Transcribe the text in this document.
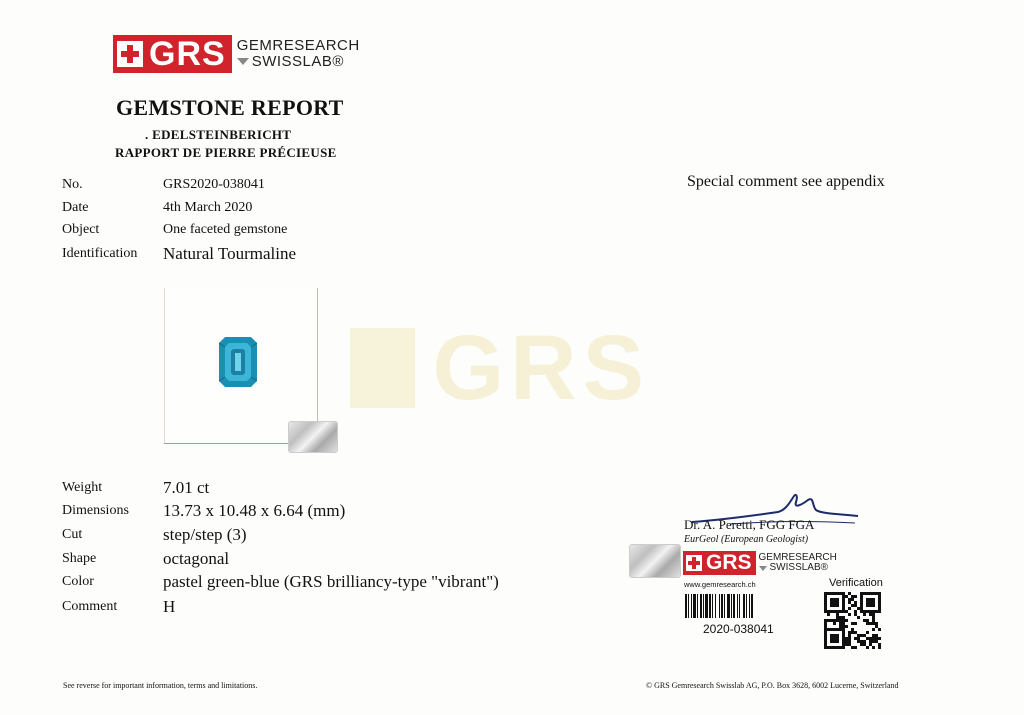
GRS
GRS GEMRESEARCH
SWISSLAB®
GEMSTONE REPORT
. EDELSTEINBERICHT
RAPPORT DE PIERRE PRÉCIEUSE
No.	GRS2020-038041
Date	4th March 2020
Object	One faceted gemstone
Identification Natural Tourmaline
Special comment see appendix
Weight	7.01 ct
Dimensions 13.73 x 10.48 x 6.64 (mm)
Cut	step/step (3)
Shape	octagonal
Color	pastel green-blue (GRS brilliancy-type "vibrant")
Comment	H
Dr. A. Peretti, FGG FGA
EurGeol (European Geologist)
GRS GEMRESEARCH
SWISSLAB®
www.gemresearch.ch
2020-038041
Verification
See reverse for important information, terms and limitations.	© GRS Gemresearch Swisslab AG, P.O. Box 3628, 6002 Lucerne, Switzerland
